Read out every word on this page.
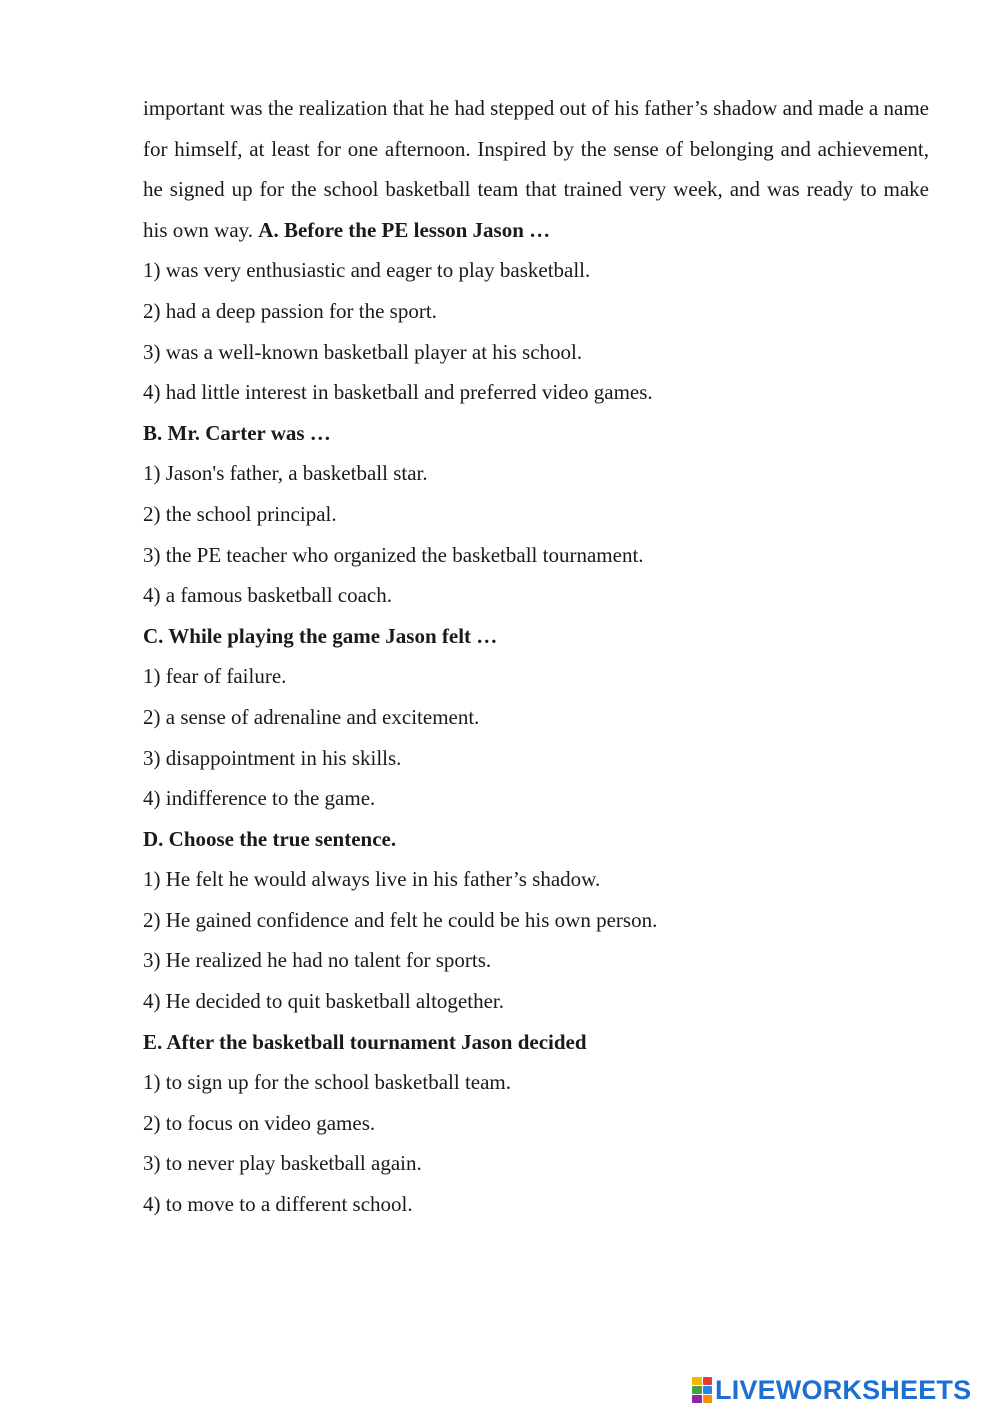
important was the realization that he had stepped out of his father’s shadow and made a name for himself, at least for one afternoon. Inspired by the sense of belonging and achievement, he signed up for the school basketball team that trained very week, and was ready to make his own way. A. Before the PE lesson Jason …

1) was very enthusiastic and eager to play basketball.
2) had a deep passion for the sport.
3) was a well-known basketball player at his school.
4) had little interest in basketball and preferred video games.
B. Mr. Carter was …
1) Jason's father, a basketball star.
2) the school principal.
3) the PE teacher who organized the basketball tournament.
4) a famous basketball coach.
C. While playing the game Jason felt …
1) fear of failure.
2) a sense of adrenaline and excitement.
3) disappointment in his skills.
4) indifference to the game.
D. Choose the true sentence.
1) He felt he would always live in his father’s shadow.
2) He gained confidence and felt he could be his own person.
3) He realized he had no talent for sports.
4) He decided to quit basketball altogether.
E. After the basketball tournament Jason decided
1) to sign up for the school basketball team.
2) to focus on video games.
3) to never play basketball again.
4) to move to a different school.
LIVEWORKSHEETS
